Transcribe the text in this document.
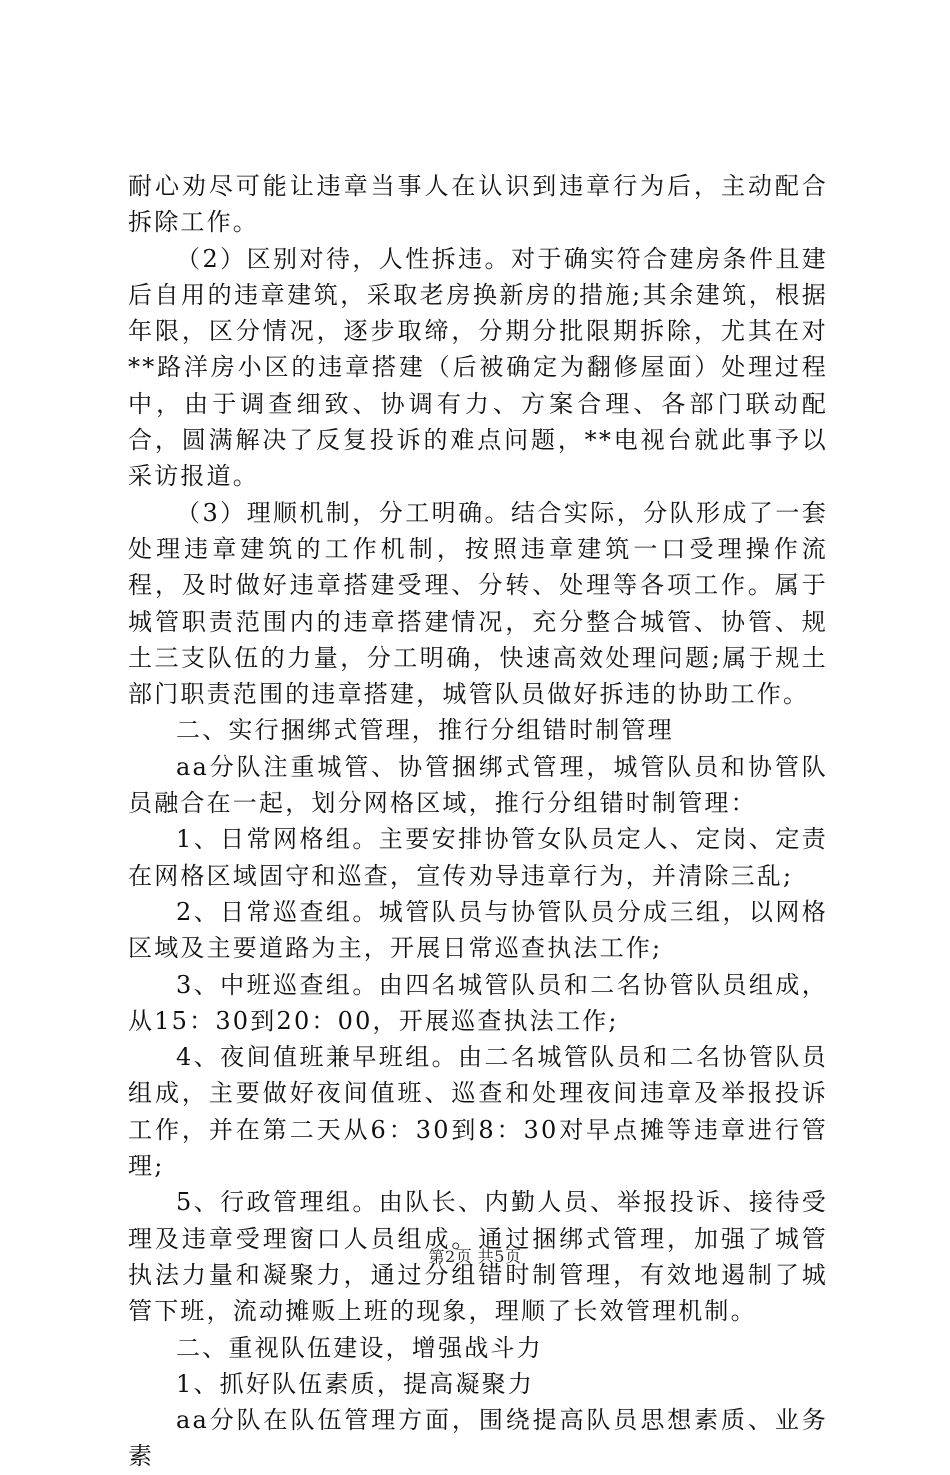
耐心劝尽可能让违章当事人在认识到违章行为后，主动配合拆除工作。

（2）区别对待，人性拆违。对于确实符合建房条件且建后自用的违章建筑，采取老房换新房的措施;其余建筑，根据年限，区分情况，逐步取缔，分期分批限期拆除，尤其在对**路洋房小区的违章搭建（后被确定为翻修屋面）处理过程中，由于调查细致、协调有力、方案合理、各部门联动配合，圆满解决了反复投诉的难点问题，**电视台就此事予以采访报道。

（3）理顺机制，分工明确。结合实际，分队形成了一套处理违章建筑的工作机制，按照违章建筑一口受理操作流程，及时做好违章搭建受理、分转、处理等各项工作。属于城管职责范围内的违章搭建情况，充分整合城管、协管、规土三支队伍的力量，分工明确，快速高效处理问题;属于规土部门职责范围的违章搭建，城管队员做好拆违的协助工作。

二、实行捆绑式管理，推行分组错时制管理

aa分队注重城管、协管捆绑式管理，城管队员和协管队员融合在一起，划分网格区域，推行分组错时制管理：

1、日常网格组。主要安排协管女队员定人、定岗、定责在网格区域固守和巡查，宣传劝导违章行为，并清除三乱;

2、日常巡查组。城管队员与协管队员分成三组，以网格区域及主要道路为主，开展日常巡查执法工作;

3、中班巡查组。由四名城管队员和二名协管队员组成，从15：30到20：00，开展巡查执法工作;

4、夜间值班兼早班组。由二名城管队员和二名协管队员组成，主要做好夜间值班、巡查和处理夜间违章及举报投诉工作，并在第二天从6：30到8：30对早点摊等违章进行管理;

5、行政管理组。由队长、内勤人员、举报投诉、接待受理及违章受理窗口人员组成。通过捆绑式管理，加强了城管执法力量和凝聚力，通过分组错时制管理，有效地遏制了城管下班，流动摊贩上班的现象，理顺了长效管理机制。

二、重视队伍建设，增强战斗力

1、抓好队伍素质，提高凝聚力

aa分队在队伍管理方面，围绕提高队员思想素质、业务素

第2页 共5页
